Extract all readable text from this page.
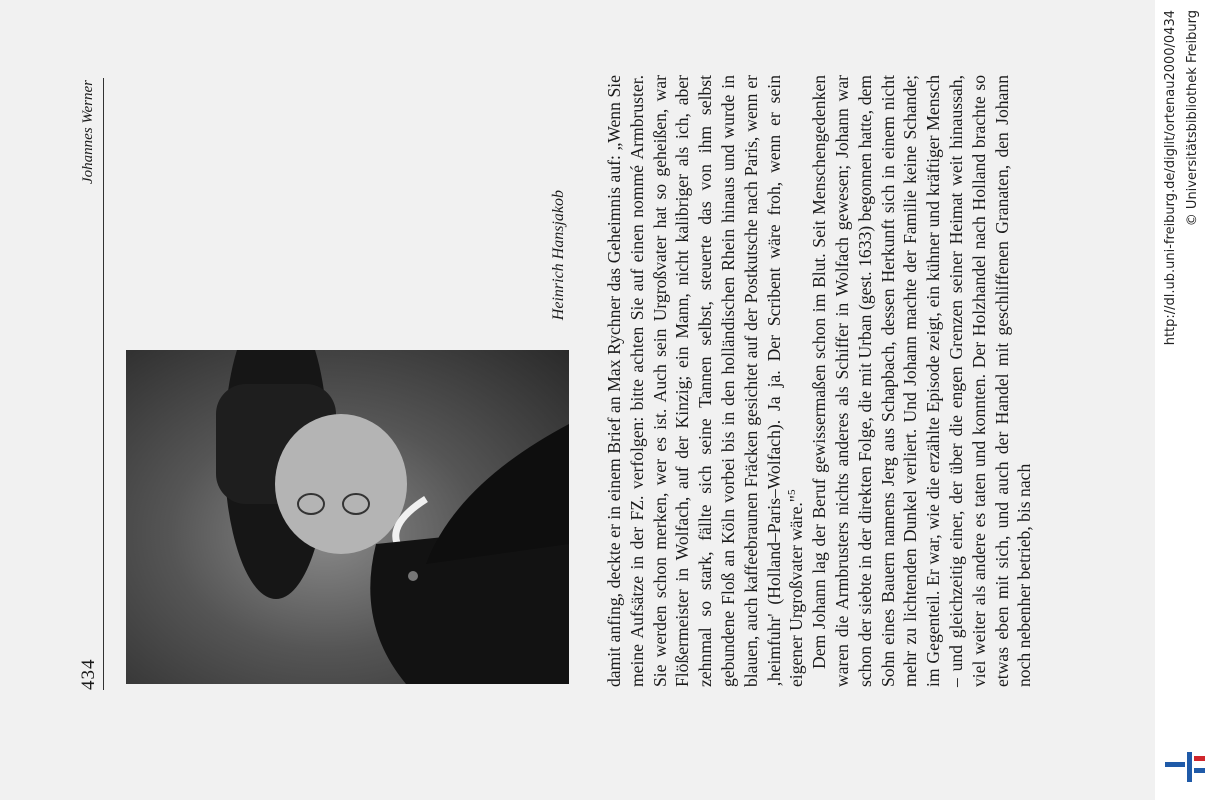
434
Johannes Werner
Heinrich Hansjakob damit anfing, deckte er in einem Brief an Max Rychner das Geheimnis auf: „Wenn Sie meine Aufsätze in der FZ. verfolgen: bitte achten Sie auf einen nommé Armbruster. Sie werden schon merken, wer es ist. Auch sein Urgroßvater hat so geheißen, war Flößermeister in Wolfach, auf der Kinzig; ein Mann, nicht kalibriger als ich, aber zehnmal so stark, fällte sich seine Tannen selbst, steuerte das von ihm selbst gebundene Floß an Köln vorbei bis in den holländischen Rhein hinaus und wurde in blauen, auch kaffeebraunen Fräcken gesichtet auf der Postkutsche nach Paris, wenn er ‚heimfuhr' (Holland–Paris–Wolfach). Ja ja. Der Scribent wäre froh, wenn er sein eigener Urgroßvater wäre."$^5$ Dem Johann lag der Beruf gewissermaßen schon im Blut. Seit Menschengedenken waren die Armbrusters nichts anderes als Schiffer in Wolfach gewesen; Johann war schon der siebte in der direkten Folge, die mit Urban (gest. 1633) begonnen hatte, dem Sohn eines Bauern namens Jerg aus Schapbach, dessen Herkunft sich in einem nicht mehr zu lichtenden Dunkel verliert. Und Johann machte der Familie keine Schande; im Gegenteil. Er war, wie die erzählte Episode zeigt, ein kühner und kräftiger Mensch – und gleichzeitig einer, der über die engen Grenzen seiner Heimat weit hinaussah, viel weiter als andere es taten und konnten. Der Holzhandel nach Holland brachte so etwas eben mit sich, und auch der Handel mit geschliffenen Granaten, den Johann noch nebenher betrieb, bis nach

http://dl.ub.uni-freiburg.de/diglit/ortenau2000/0434 © Universitätsbibliothek Freiburg
